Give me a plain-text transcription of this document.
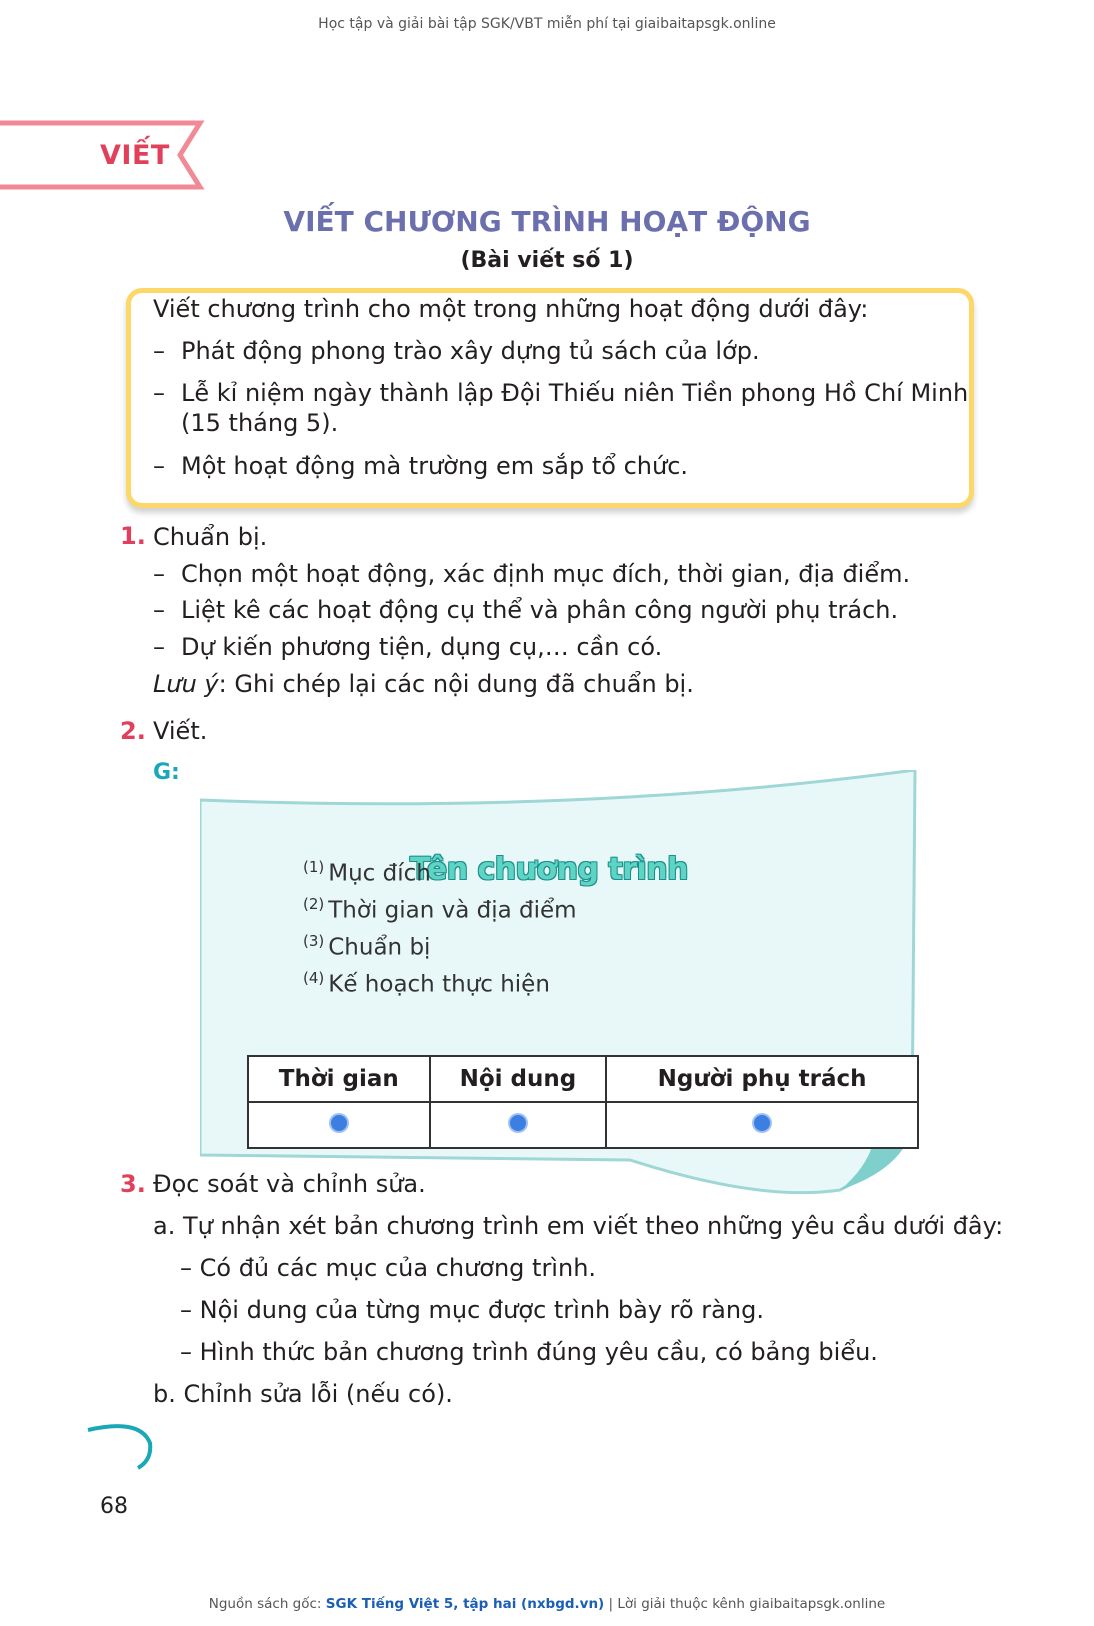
Học tập và giải bài tập SGK/VBT miễn phí tại giaibaitapsgk.online
VIẾT
VIẾT CHƯƠNG TRÌNH HOẠT ĐỘNG
(Bài viết số 1)
Viết chương trình cho một trong những hoạt động dưới đây:
– Phát động phong trào xây dựng tủ sách của lớp.
– Lễ kỉ niệm ngày thành lập Đội Thiếu niên Tiền phong Hồ Chí Minh
(15 tháng 5).
– Một hoạt động mà trường em sắp tổ chức.
1. Chuẩn bị.
– Chọn một hoạt động, xác định mục đích, thời gian, địa điểm.
– Liệt kê các hoạt động cụ thể và phân công người phụ trách.
– Dự kiến phương tiện, dụng cụ,… cần có.
Lưu ý: Ghi chép lại các nội dung đã chuẩn bị.
2. Viết.
G:
Tên chương trình
$^{(1)}$ Mục đích
$^{(2)}$ Thời gian và địa điểm
$^{(3)}$ Chuẩn bị
$^{(4)}$ Kế hoạch thực hiện
Thời gian	Nội dung	Người phụ trách

3. Đọc soát và chỉnh sửa.
a. Tự nhận xét bản chương trình em viết theo những yêu cầu dưới đây:
– Có đủ các mục của chương trình.
– Nội dung của từng mục được trình bày rõ ràng.
– Hình thức bản chương trình đúng yêu cầu, có bảng biểu.
b. Chỉnh sửa lỗi (nếu có).
68
Nguồn sách gốc: SGK Tiếng Việt 5, tập hai (nxbgd.vn) | Lời giải thuộc kênh giaibaitapsgk.online
